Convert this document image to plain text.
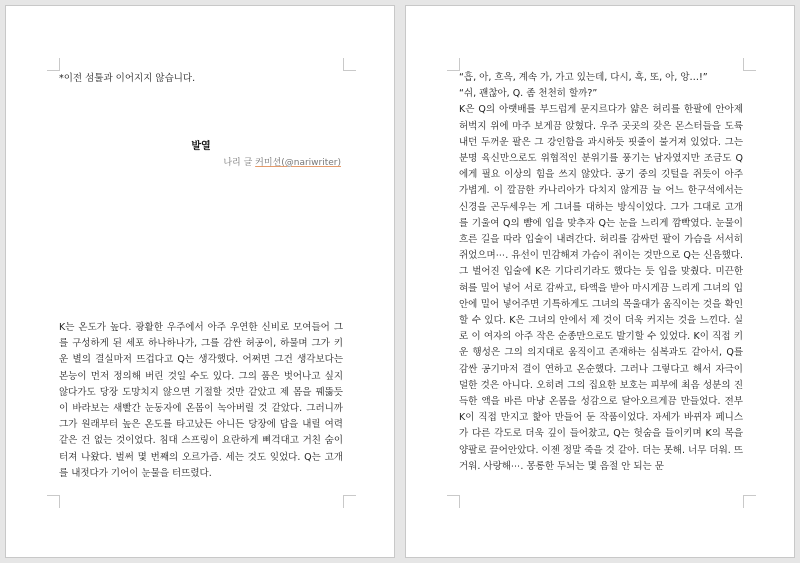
*이전 섬툴과 이어지지 않습니다.
발열
나리 글 커미션(@nariwriter)

K는 온도가 높다. 광활한 우주에서 아주 우연한 신비로 모여들어 그를 구성하게 된 세포 하나하나가, 그를 감싼 허공이, 하물며 그가 키운 별의 결실마저 뜨겁다고 Q는 생각했다. 어쩌면 그건 생각보다는 본능이 먼저 정의해 버린 것일 수도 있다. 그의 품은 벗어나고 싶지 않다가도 당장 도망치지 않으면 기절할 것만 같았고 제 몸을 꿰뚫듯이 바라보는 새빨간 눈동자에 온몸이 녹아버릴 것 같았다. 그러니까 그가 원래부터 높은 온도를 타고났든 아니든 당장에 답을 내릴 여력같은 건 없는 것이었다. 침대 스프링이 요란하게 삐걱대고 거친 숨이 터져 나왔다. 벌써 몇 번째의 오르가즘. 세는 것도 잊었다. Q는 고개를 내젓다가 기어이 눈물을 터뜨렸다.

“흡, 아, 흐윽, 계속 가, 가고 있는데, 다시, 흑, 또, 아, 앙…!”

“쉬, 괜찮아, Q. 좀 천천히 할까?”

K은 Q의 아랫배를 부드럽게 문지르다가 얇은 허리를 한팔에 안아제 허벅지 위에 마주 보게끔 앉혔다. 우주 곳곳의 갖은 몬스터들을 도륙 내던 두꺼운 팔은 그 강인함을 과시하듯 핏줄이 불거져 있었다. 그는 분명 육신만으로도 위협적인 분위기를 풍기는 남자였지만 조금도 Q에게 필요 이상의 힘을 쓰지 않았다. 공기 중의 깃털을 쥐듯이 아주 가볍게. 이 깔끔한 카나리아가 다치지 않게끔 늘 어느 한구석에서는 신경을 곤두세우는 게 그녀를 대하는 방식이었다. 그가 그대로 고개를 기울여 Q의 뺨에 입을 맞추자 Q는 눈을 느리게 깜빡였다. 눈물이 흐른 길을 따라 입술이 내려간다. 허리를 감싸던 팔이 가슴을 서서히 쥐었으며⋯. 유선이 민감해져 가슴이 쥐이는 것만으로 Q는 신음했다. 그 벌어진 입술에 K은 기다리기라도 했다는 듯 입을 맞췄다. 미끈한 혀를 밀어 넣어 서로 감싸고, 타액을 받아 마시게끔 느리게 그녀의 입 안에 밀어 넣어주면 기특하게도 그녀의 목울대가 움직이는 것을 확인할 수 있다. K은 그녀의 안에서 제 것이 더욱 커지는 것을 느낀다. 실로 이 여자의 아주 작은 순종만으로도 발기할 수 있었다. K이 직접 키운 행성은 그의 의지대로 움직이고 존재하는 심복과도 같아서, Q를 감싼 공기마저 결이 연하고 온순했다. 그러나 그렇다고 해서 자극이 덜한 것은 아니다. 오히려 그의 집요한 보호는 피부에 최음 성분의 진득한 액을 바른 마냥 온몸을 성감으로 달아오르게끔 만들었다. 전부 K이 직접 만지고 핥아 만들어 둔 작품이었다. 자세가 바뀌자 페니스가 다른 각도로 더욱 깊이 들어찼고, Q는 헛숨을 들이키며 K의 목을 양팔로 끌어안았다. 이젠 정말 죽을 것 같아. 더는 못해. 너무 더워. 뜨거워. 사랑해⋯. 몽롱한 두뇌는 몇 음절 안 되는 문
